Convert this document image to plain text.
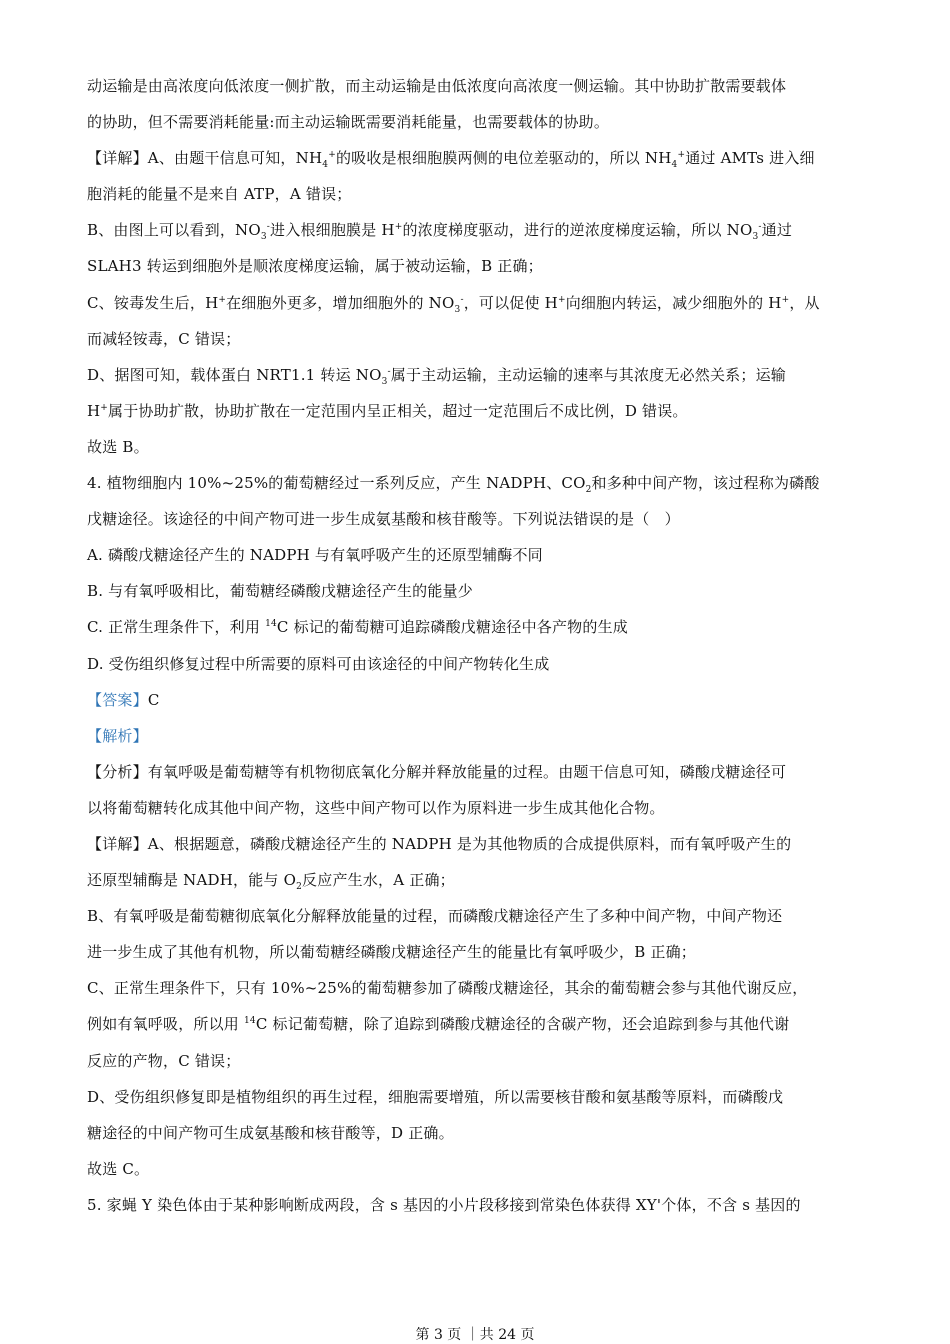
动运输是由高浓度向低浓度一侧扩散，而主动运输是由低浓度向高浓度一侧运输。其中协助扩散需要载体
的协助，但不需要消耗能量:而主动运输既需要消耗能量，也需要载体的协助。
【详解】A、由题干信息可知，$NH_4^+$的吸收是根细胞膜两侧的电位差驱动的，所以 $NH_4^+$通过 AMTs 进入细
胞消耗的能量不是来自 ATP，A 错误；
B、由图上可以看到，$NO_3^-$进入根细胞膜是 H+的浓度梯度驱动，进行的逆浓度梯度运输，所以 $NO_3^-$通过
SLAH3 转运到细胞外是顺浓度梯度运输，属于被动运输，B 正确；
C、铵毒发生后，H+在细胞外更多，增加细胞外的 $NO_3^-$，可以促使 H+向细胞内转运，减少细胞外的 H+，从
而减轻铵毒，C 错误；
D、据图可知，载体蛋白 NRT1.1 转运 $NO_3^-$属于主动运输，主动运输的速率与其浓度无必然关系；运输
H+属于协助扩散，协助扩散在一定范围内呈正相关，超过一定范围后不成比例，D 错误。
故选 B。
4. 植物细胞内 10%~25%的葡萄糖经过一系列反应，产生 NADPH、$CO_2$和多种中间产物，该过程称为磷酸
戊糖途径。该途径的中间产物可进一步生成氨基酸和核苷酸等。下列说法错误的是（　）
A. 磷酸戊糖途径产生的 NADPH 与有氧呼吸产生的还原型辅酶不同
B. 与有氧呼吸相比，葡萄糖经磷酸戊糖途径产生的能量少
C. 正常生理条件下，利用 $^{14}$C 标记的葡萄糖可追踪磷酸戊糖途径中各产物的生成
D. 受伤组织修复过程中所需要的原料可由该途径的中间产物转化生成
【答案】C
【解析】
【分析】有氧呼吸是葡萄糖等有机物彻底氧化分解并释放能量的过程。由题干信息可知，磷酸戊糖途径可
以将葡萄糖转化成其他中间产物，这些中间产物可以作为原料进一步生成其他化合物。
【详解】A、根据题意，磷酸戊糖途径产生的 NADPH 是为其他物质的合成提供原料，而有氧呼吸产生的
还原型辅酶是 NADH，能与 $O_2$反应产生水，A 正确；
B、有氧呼吸是葡萄糖彻底氧化分解释放能量的过程，而磷酸戊糖途径产生了多种中间产物，中间产物还
进一步生成了其他有机物，所以葡萄糖经磷酸戊糖途径产生的能量比有氧呼吸少，B 正确；
C、正常生理条件下，只有 10%~25%的葡萄糖参加了磷酸戊糖途径，其余的葡萄糖会参与其他代谢反应，
例如有氧呼吸，所以用 $^{14}$C 标记葡萄糖，除了追踪到磷酸戊糖途径的含碳产物，还会追踪到参与其他代谢
反应的产物，C 错误；
D、受伤组织修复即是植物组织的再生过程，细胞需要增殖，所以需要核苷酸和氨基酸等原料，而磷酸戊
糖途径的中间产物可生成氨基酸和核苷酸等，D 正确。
故选 C。
5. 家蝇 Y 染色体由于某种影响断成两段，含 s 基因的小片段移接到常染色体获得 XY'个体，不含 s 基因的
第 3 页 ｜共 24 页
